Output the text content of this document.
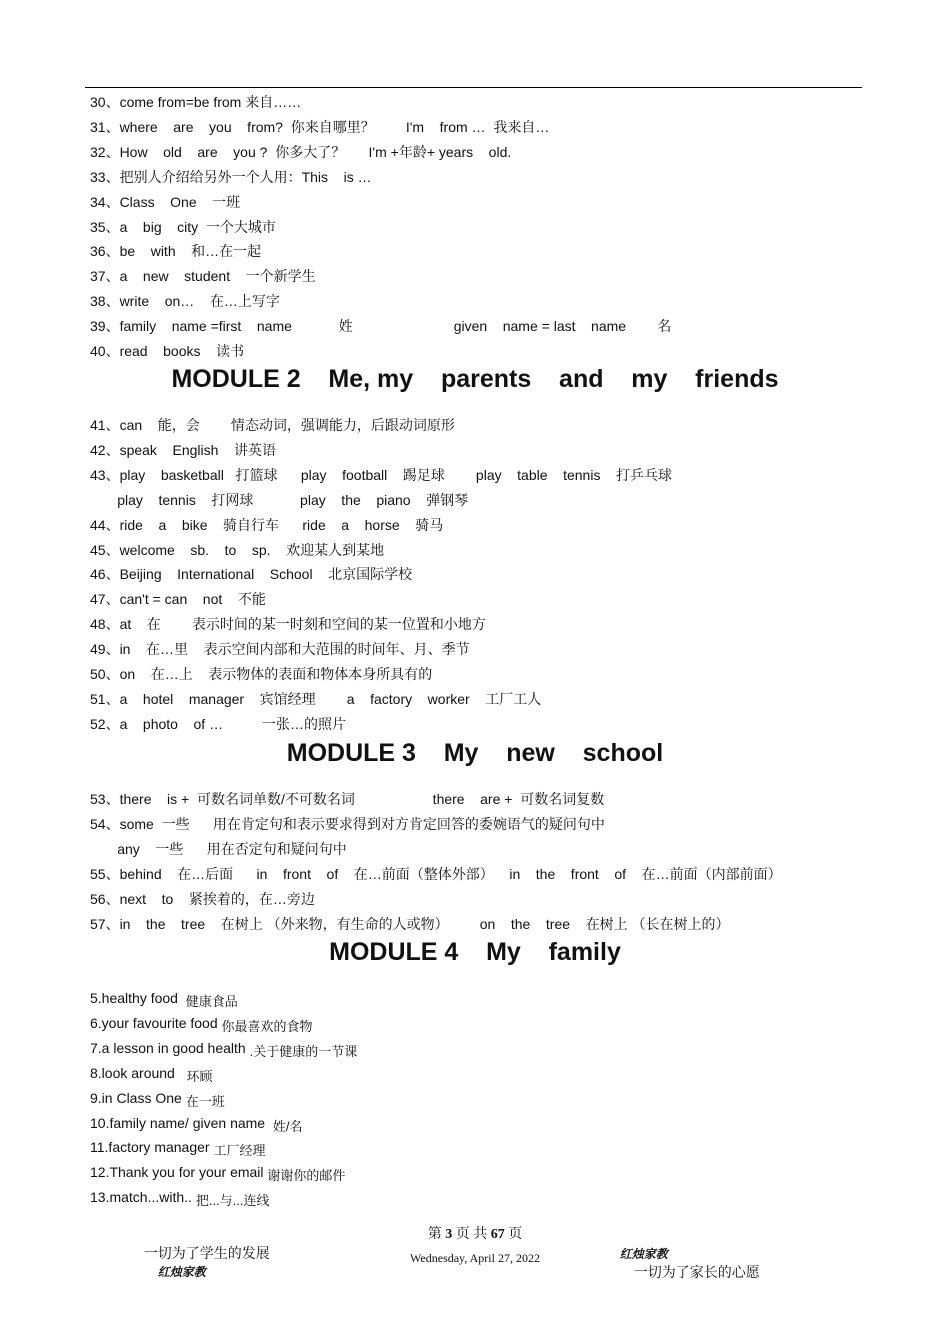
30、come from=be from 来自……
31、where    are    you    from?  你来自哪里？        I'm    from …  我来自…
32、How    old    are    you ?  你多大了？      I'm +年龄+ years    old.
33、把别人介绍给另外一个人用：This    is …
34、Class    One    一班
35、a    big    city  一个大城市
36、be    with    和…在一起
37、a    new    student    一个新学生
38、write    on…    在…上写字
39、family    name =first    name            姓                          given    name = last    name        名
40、read    books    读书
MODULE 2    Me, my    parents    and    my    friends
41、can    能，会        情态动词，强调能力，后跟动词原形
42、speak    English    讲英语
43、play    basketball   打篮球      play    football    踢足球        play    table    tennis    打乒乓球
play    tennis    打网球            play    the    piano    弹钢琴
44、ride    a    bike    骑自行车      ride    a    horse    骑马
45、welcome    sb.    to    sp.    欢迎某人到某地
46、Beijing    International    School    北京国际学校
47、can't = can    not    不能
48、at    在        表示时间的某一时刻和空间的某一位置和小地方
49、in    在…里    表示空间内部和大范围的时间年、月、季节
50、on    在…上    表示物体的表面和物体本身所具有的
51、a    hotel    manager    宾馆经理        a    factory    worker    工厂工人
52、a    photo    of …          一张…的照片
MODULE 3    My    new    school
53、there    is +  可数名词单数/不可数名词                    there    are +  可数名词复数
54、some  一些      用在肯定句和表示要求得到对方肯定回答的委婉语气的疑问句中
any    一些      用在否定句和疑问句中
55、behind    在…后面      in    front    of    在…前面（整体外部）    in    the    front    of    在…前面（内部前面）
56、next    to    紧挨着的，在…旁边
57、in    the    tree    在树上 （外来物，有生命的人或物）        on    the    tree    在树上 （长在树上的）
MODULE 4    My    family
5.healthy food  健康食品
6.your favourite food 你最喜欢的食物
7.a lesson in good health .关于健康的一节课
8.look around   环顾
9.in Class One 在一班
10.family name/ given name  姓/名
11.factory manager 工厂经理
12.Thank you for your email 谢谢你的邮件
13.match...with.. 把...与...连线

一切为了学生的发展
红烛家教

第 3 页 共 67 页

红烛家教
一切为了家长的心愿

Wednesday, April 27, 2022
